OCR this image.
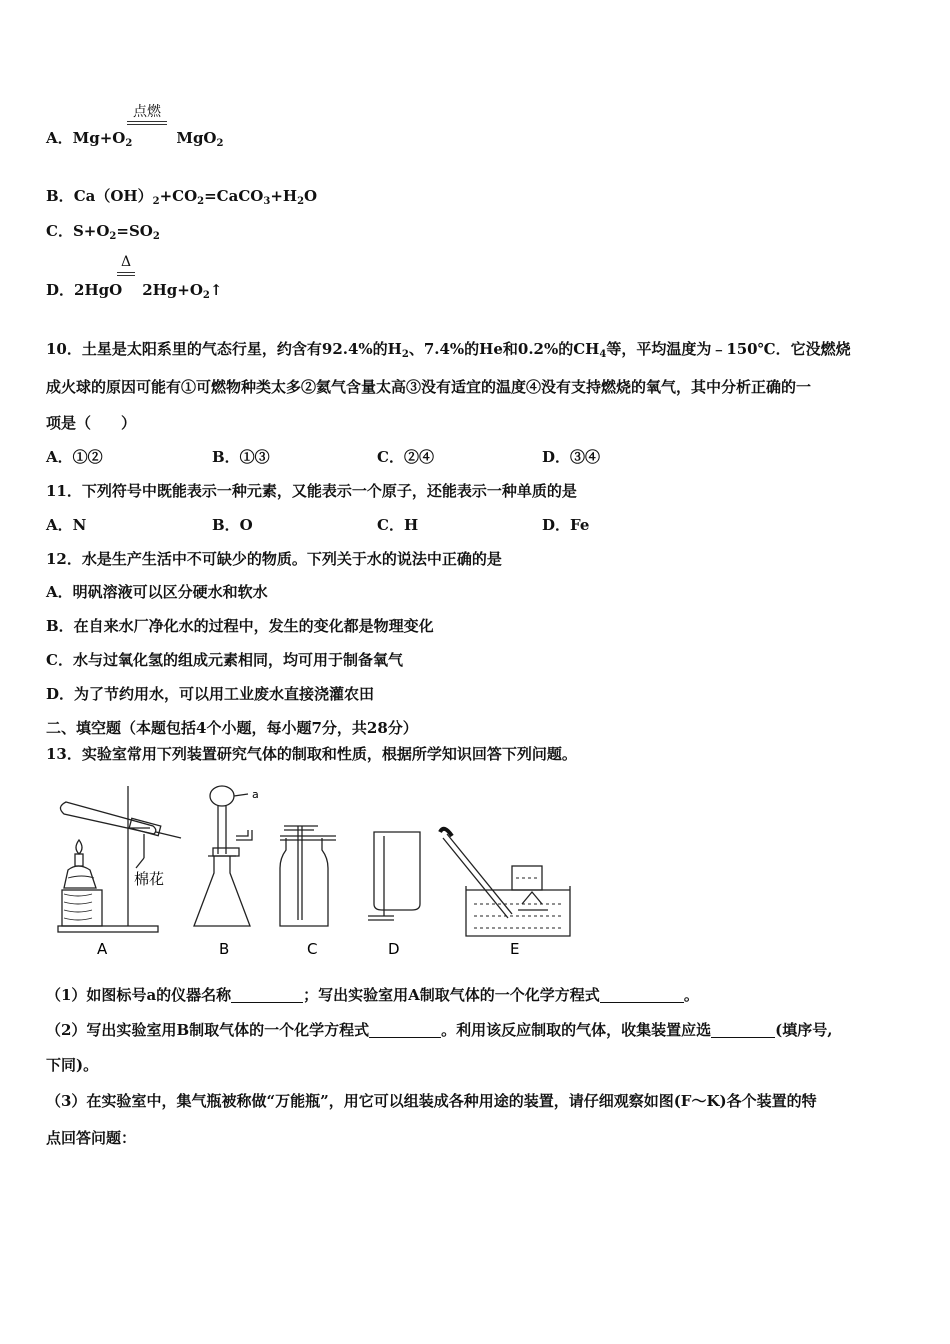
点燃
A．$Mg+O_2$	MgO$_2$
B．$Ca(OH)_2+CO_2=CaCO_3+H_2O$
C．$S+O_2=SO_2$
Δ
D．2HgO $2Hg+O_2↑$
10．土星是太阳系里的气态行星，约含有92.4%的$H_2$、7.4%的He和0.2%的$CH_4$等，平均温度为﹣150℃．它没燃烧
成火球的原因可能有①可燃物种类太多②氦气含量太高③没有适宜的温度④没有支持燃烧的氧气，其中分析正确的一
项是（　　）
A．①②	B．①③	C．②④	D．③④
11．下列符号中既能表示一种元素，又能表示一个原子，还能表示一种单质的是
A．N	B．O	C．H	D．Fe
12．水是生产生活中不可缺少的物质。下列关于水的说法中正确的是
A．明矾溶液可以区分硬水和软水
B．在自来水厂净化水的过程中，发生的变化都是物理变化
C．水与过氧化氢的组成元素相同，均可用于制备氧气
D．为了节约用水，可以用工业废水直接浇灌农田
二、填空题（本题包括4个小题，每小题7分，共28分）
13．实验室常用下列装置研究气体的制取和性质，根据所学知识回答下列问题。
A	B	C	D	E
棉花
a
（1）如图标号a的仪器名称	；写出实验室用A制取气体的一个化学方程式	。
（2）写出实验室用B制取气体的一个化学方程式	。利用该反应制取的气体，收集装置应选	(填序号,
下同)。
（3）在实验室中，集气瓶被称做“万能瓶”，用它可以组装成各种用途的装置，请仔细观察如图(F～K)各个装置的特
点回答问题：
